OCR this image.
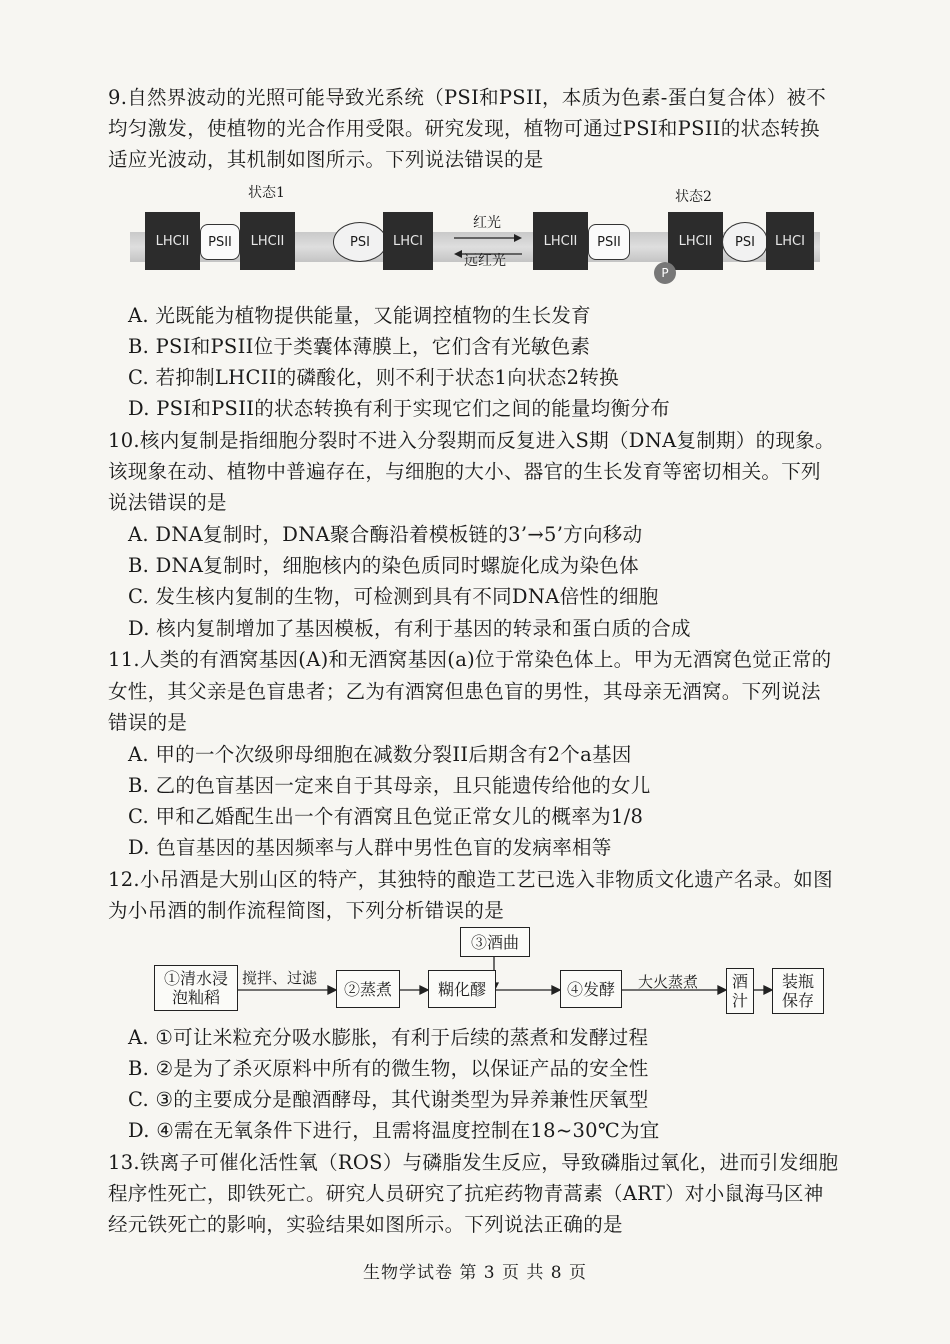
9.自然界波动的光照可能导致光系统（PSI和PSII，本质为色素-蛋白复合体）被不
均匀激发，使植物的光合作用受限。研究发现，植物可通过PSI和PSII的状态转换
适应光波动，其机制如图所示。下列说法错误的是
状态1	状态2
LHCII	PSII	LHCII	PSI	LHCI
红光
远红光
LHCII	PSII	LHCII
P
PSI	LHCI
A. 光既能为植物提供能量，又能调控植物的生长发育
B. PSI和PSII位于类囊体薄膜上，它们含有光敏色素
C. 若抑制LHCII的磷酸化，则不利于状态1向状态2转换
D. PSI和PSII的状态转换有利于实现它们之间的能量均衡分布
10.核内复制是指细胞分裂时不进入分裂期而反复进入S期（DNA复制期）的现象。
该现象在动、植物中普遍存在，与细胞的大小、器官的生长发育等密切相关。下列
说法错误的是
A. DNA复制时，DNA聚合酶沿着模板链的3’→5’方向移动
B. DNA复制时，细胞核内的染色质同时螺旋化成为染色体
C. 发生核内复制的生物，可检测到具有不同DNA倍性的细胞
D. 核内复制增加了基因模板，有利于基因的转录和蛋白质的合成
11.人类的有酒窝基因(A)和无酒窝基因(a)位于常染色体上。甲为无酒窝色觉正常的
女性，其父亲是色盲患者；乙为有酒窝但患色盲的男性，其母亲无酒窝。下列说法
错误的是
A. 甲的一个次级卵母细胞在减数分裂II后期含有2个a基因
B. 乙的色盲基因一定来自于其母亲，且只能遗传给他的女儿
C. 甲和乙婚配生出一个有酒窝且色觉正常女儿的概率为1/8
D. 色盲基因的基因频率与人群中男性色盲的发病率相等
12.小吊酒是大别山区的特产，其独特的酿造工艺已选入非物质文化遗产名录。如图
为小吊酒的制作流程简图，下列分析错误的是
③酒曲
①清水浸
泡籼稻
搅拌、过滤
②蒸煮	糊化醪	④发酵	大火蒸煮 酒
汁
装瓶
保存
A. ①可让米粒充分吸水膨胀，有利于后续的蒸煮和发酵过程
B. ②是为了杀灭原料中所有的微生物，以保证产品的安全性
C. ③的主要成分是酿酒酵母，其代谢类型为异养兼性厌氧型
D. ④需在无氧条件下进行，且需将温度控制在18~30℃为宜
13.铁离子可催化活性氧（ROS）与磷脂发生反应，导致磷脂过氧化，进而引发细胞
程序性死亡，即铁死亡。研究人员研究了抗疟药物青蒿素（ART）对小鼠海马区神
经元铁死亡的影响，实验结果如图所示。下列说法正确的是
生物学试卷 第 3 页 共 8 页
